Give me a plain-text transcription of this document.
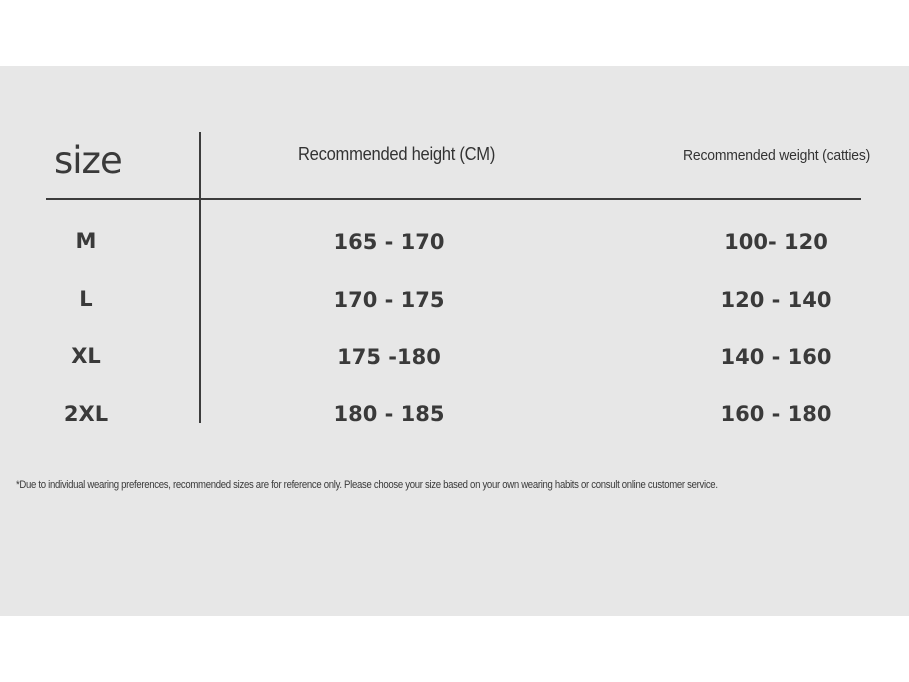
size	Recommended height (CM)	Recommended weight (catties)
M	165 - 170	100- 120
L	170 - 175	120 - 140
XL	175 -180	140 - 160
2XL	180 - 185	160 - 180
*Due to individual wearing preferences, recommended sizes are for reference only. Please choose your size based on your own wearing habits or consult online customer service.
